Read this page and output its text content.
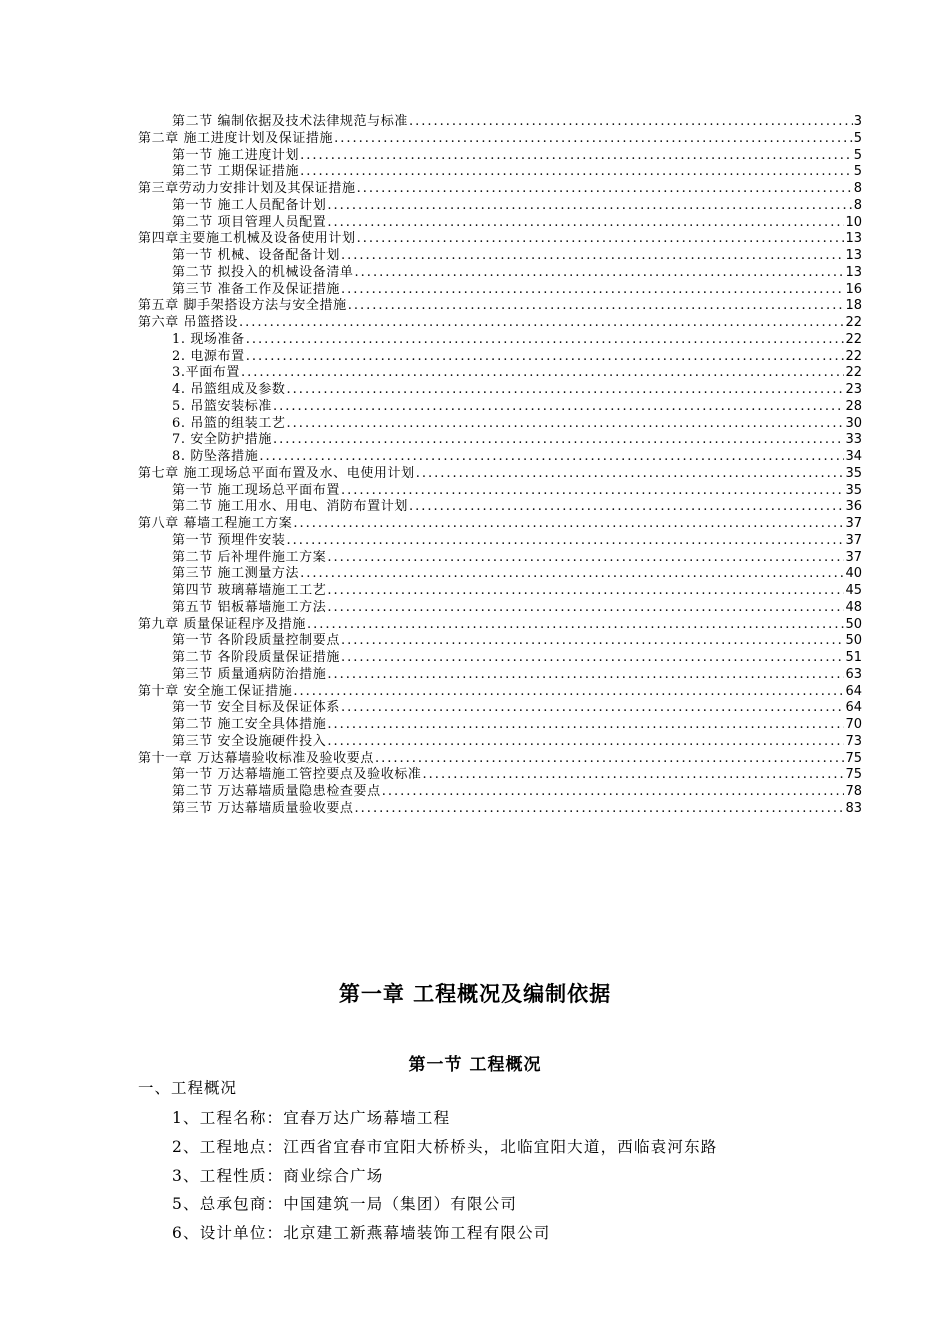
第二节 编制依据及技术法律规范与标准 .....	3
第二章 施工进度计划及保证措施 .....	5
第一节 施工进度计划 .....	5
第二节 工期保证措施 .....	5
第三章劳动力安排计划及其保证措施 .....	8
第一节 施工人员配备计划 .....	8
第二节 项目管理人员配置 .....	10
第四章主要施工机械及设备使用计划 .....	13
第一节 机械、设备配备计划 .....	13
第二节 拟投入的机械设备清单 .....	13
第三节 准备工作及保证措施 .....	16
第五章 脚手架搭设方法与安全措施 .....	18
第六章 吊篮搭设 .....	22
1. 现场准备 .....	22
2. 电源布置 .....	22
3.平面布置 .....	22
4. 吊篮组成及参数 .....	23
5. 吊篮安装标准 .....	28
6. 吊篮的组装工艺 .....	30
7. 安全防护措施 .....	33
8. 防坠落措施 .....	34
第七章 施工现场总平面布置及水、电使用计划 .....	35
第一节 施工现场总平面布置 .....	35
第二节 施工用水、用电、消防布置计划 .....	36
第八章 幕墙工程施工方案 .....	37
第一节 预埋件安装 .....	37
第二节 后补埋件施工方案 .....	37
第三节 施工测量方法 .....	40
第四节 玻璃幕墙施工工艺 .....	45
第五节 铝板幕墙施工方法 .....	48
第九章 质量保证程序及措施 .....	50
第一节 各阶段质量控制要点 .....	50
第二节 各阶段质量保证措施 .....	51
第三节 质量通病防治措施 .....	63
第十章 安全施工保证措施 .....	64
第一节 安全目标及保证体系 .....	64
第二节 施工安全具体措施 .....	70
第三节 安全设施硬件投入 .....	73
第十一章 万达幕墙验收标准及验收要点 .....	75
第一节 万达幕墙施工管控要点及验收标准 .....	75
第二节 万达幕墙质量隐患检查要点 .....	78
第三节 万达幕墙质量验收要点 .....	83
第一章 工程概况及编制依据
第一节 工程概况
一、工程概况
1、工程名称：宜春万达广场幕墙工程
2、工程地点：江西省宜春市宜阳大桥桥头，北临宜阳大道，西临袁河东路
3、工程性质：商业综合广场
5、总承包商：中国建筑一局（集团）有限公司
6、设计单位：北京建工新燕幕墙装饰工程有限公司
